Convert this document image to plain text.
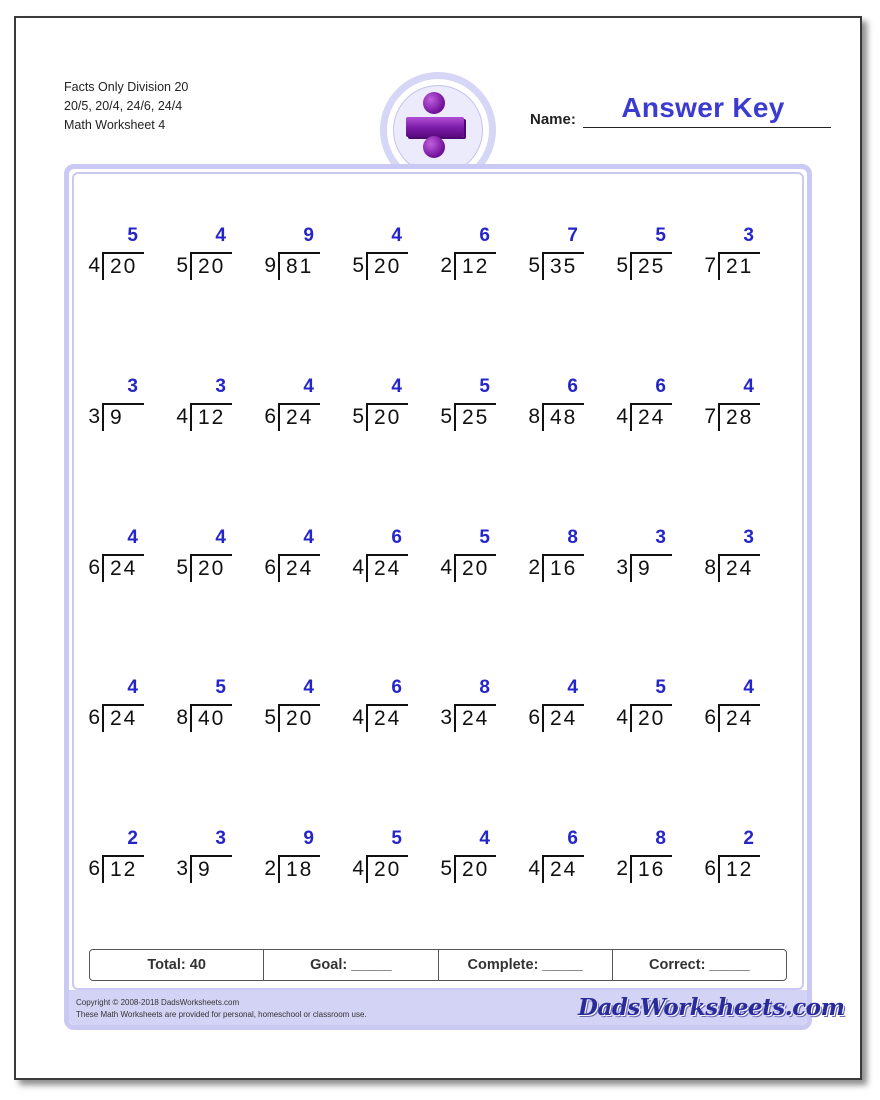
Facts Only Division 20
20/5, 20/4, 24/6, 24/4
Math Worksheet 4	Name:	Answer Key
5
4 20
4
5 20
9
9 81
4
5 20
6
2 12
7
5 35
5
5 25
3
7 21
3
3 9
3
4 12
4
6 24
4
5 20
5
5 25
6
8 48
6
4 24
4
7 28
4
6 24
4
5 20
4
6 24
6
4 24
5
4 20
8
2 16
3
3 9
3
8 24
4
6 24
5
8 40
4
5 20
6
4 24
8
3 24
4
6 24
5
4 20
4
6 24
2
6 12
3
3 9
9
2 18
5
4 20
4
5 20
6
4 24
8
2 16
2
6 12
Total: 40	Goal: _____	Complete: _____	Correct: _____
Copyright © 2008-2018 DadsWorksheets.com
These Math Worksheets are provided for personal, homeschool or classroom use.	DadsWorksheets.com
